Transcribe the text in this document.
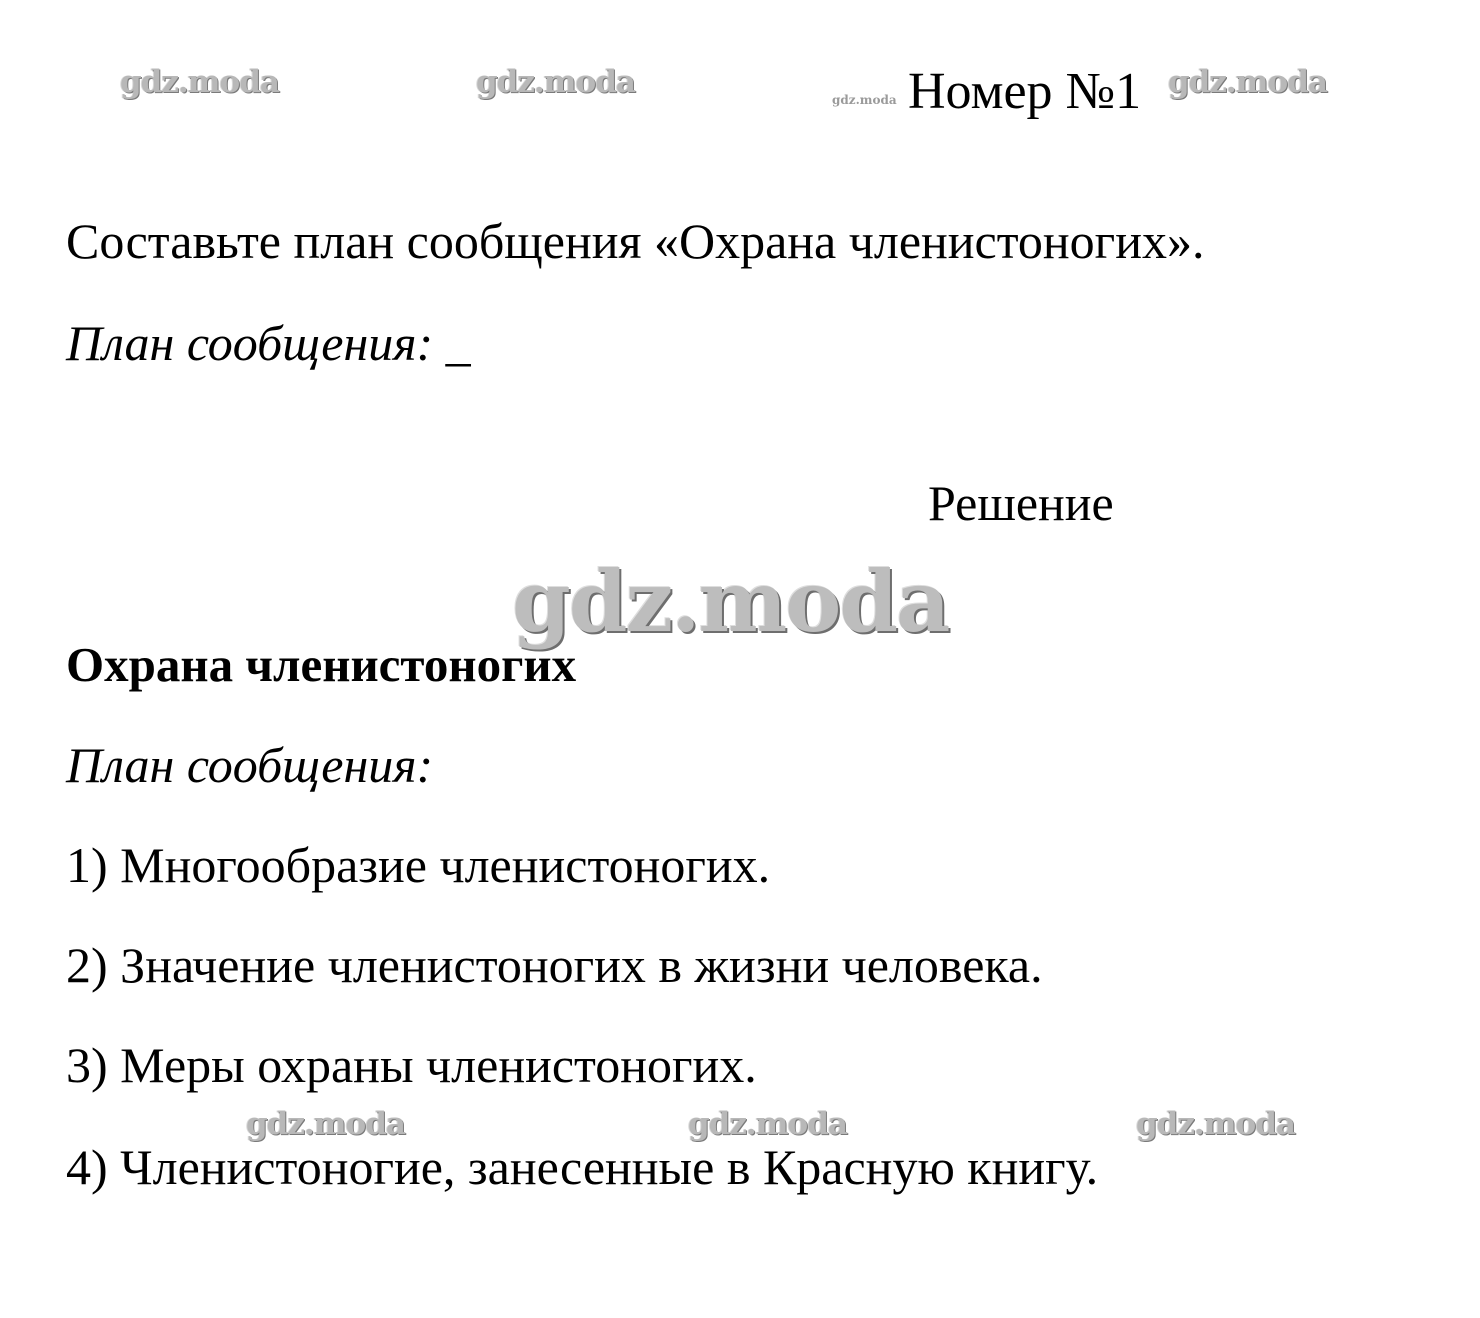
gdz.moda	gdz.moda	gdz.moda	gdz.moda
gdz.moda
gdz.moda	gdz.moda	gdz.moda
Номер №1
Составьте план сообщения «Охрана членистоногих».
План сообщения: _
Решение
Охрана членистоногих
План сообщения:
1) Многообразие членистоногих.
2) Значение членистоногих в жизни человека.
3) Меры охраны членистоногих.
4) Членистоногие, занесенные в Красную книгу.
